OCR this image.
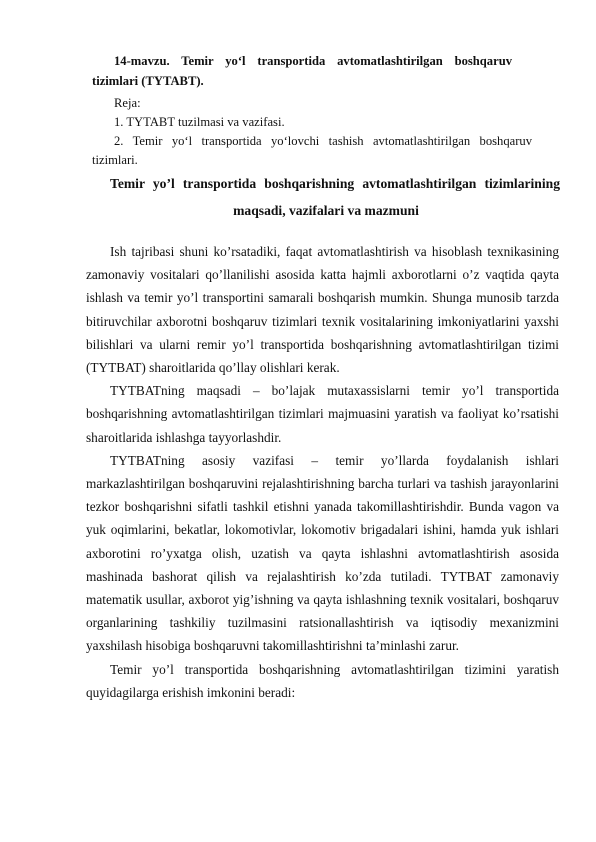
14-mavzu. Temir yo‘l transportida avtomatlashtirilgan boshqaruv
tizimlari (TYTABT).
Reja:
1. TYTABT tuzilmasi va vazifasi.
2. Temir yo‘l transportida yo‘lovchi tashish avtomatlashtirilgan boshqaruv
tizimlari.
Temir yo’l transportida boshqarishning avtomatlashtirilgan tizimlarining
maqsadi, vazifalari va mazmuni

Ish tajribasi shuni ko’rsatadiki, faqat avtomatlashtirish va hisoblash texnikasining zamonaviy vositalari qo’llanilishi asosida katta hajmli axborotlarni o’z vaqtida qayta ishlash va temir yo’l transportini samarali boshqarish mumkin. Shunga munosib tarzda bitiruvchilar axborotni boshqaruv tizimlari texnik vositalarining imkoniyatlarini yaxshi bilishlari va ularni remir yo’l transportida boshqarishning avtomatlashtirilgan tizimi (TYTBAT) sharoitlarida qo’llay olishlari kerak.

TYTBATning maqsadi – bo’lajak mutaxassislarni temir yo’l transportida boshqarishning avtomatlashtirilgan tizimlari majmuasini yaratish va faoliyat ko’rsatishi sharoitlarida ishlashga tayyorlashdir.

TYTBATning asosiy vazifasi – temir yo’llarda foydalanish ishlari markazlashtirilgan boshqaruvini rejalashtirishning barcha turlari va tashish jarayonlarini tezkor boshqarishni sifatli tashkil etishni yanada takomillashtirishdir. Bunda vagon va yuk oqimlarini, bekatlar, lokomotivlar, lokomotiv brigadalari ishini, hamda yuk ishlari axborotini ro’yxatga olish, uzatish va qayta ishlashni avtomatlashtirish asosida mashinada bashorat qilish va rejalashtirish ko’zda tutiladi. TYTBAT zamonaviy matematik usullar, axborot yig’ishning va qayta ishlashning texnik vositalari, boshqaruv organlarining tashkiliy tuzilmasini ratsionallashtirish va iqtisodiy mexanizmini yaxshilash hisobiga boshqaruvni takomillashtirishni ta’minlashi zarur.

Temir yo’l transportida boshqarishning avtomatlashtirilgan tizimini yaratish quyidagilarga erishish imkonini beradi:
